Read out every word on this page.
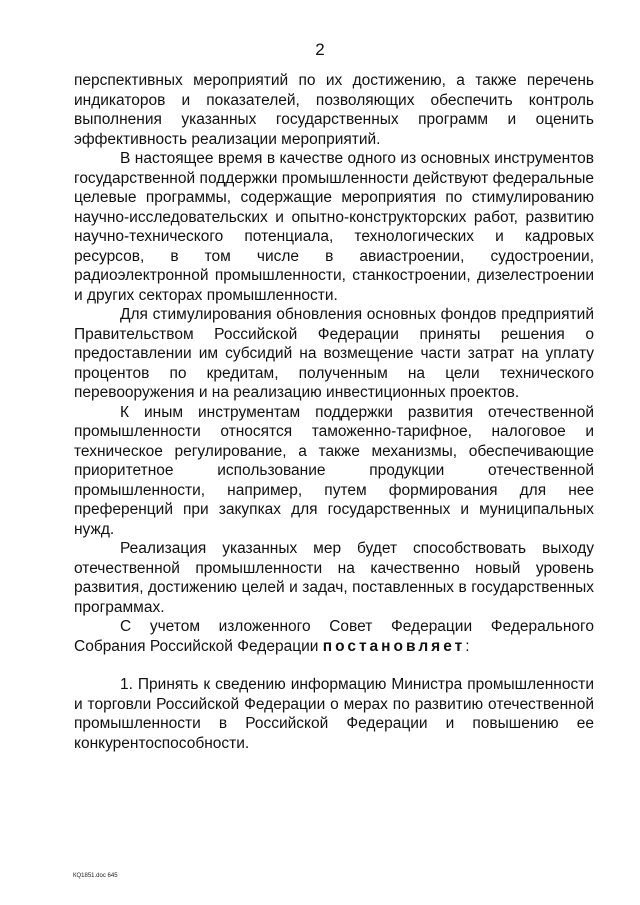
2

перспективных мероприятий по их достижению, а также перечень индикаторов и показателей, позволяющих обеспечить контроль выполнения указанных государственных программ и оценить эффективность реализации мероприятий.

В настоящее время в качестве одного из основных инструментов государственной поддержки промышленности действуют федеральные целевые программы, содержащие мероприятия по стимулированию научно-исследовательских и опытно-конструкторских работ, развитию научно-технического потенциала, технологических и кадровых ресурсов, в том числе в авиастроении, судостроении, радиоэлектронной промышленности, станкостроении, дизелестроении и других секторах промышленности.

Для стимулирования обновления основных фондов предприятий Правительством Российской Федерации приняты решения о предоставлении им субсидий на возмещение части затрат на уплату процентов по кредитам, полученным на цели технического перевооружения и на реализацию инвестиционных проектов.

К иным инструментам поддержки развития отечественной промышленности относятся таможенно-тарифное, налоговое и техническое регулирование, а также механизмы, обеспечивающие приоритетное использование продукции отечественной промышленности, например, путем формирования для нее преференций при закупках для государственных и муниципальных нужд.

Реализация указанных мер будет способствовать выходу отечественной промышленности на качественно новый уровень развития, достижению целей и задач, поставленных в государственных программах.

С учетом изложенного Совет Федерации Федерального Собрания Российской Федерации постановляет:

1. Принять к сведению информацию Министра промышленности и торговли Российской Федерации о мерах по развитию отечественной промышленности в Российской Федерации и повышению ее конкурентоспособности.

КQ1851.doc 645
